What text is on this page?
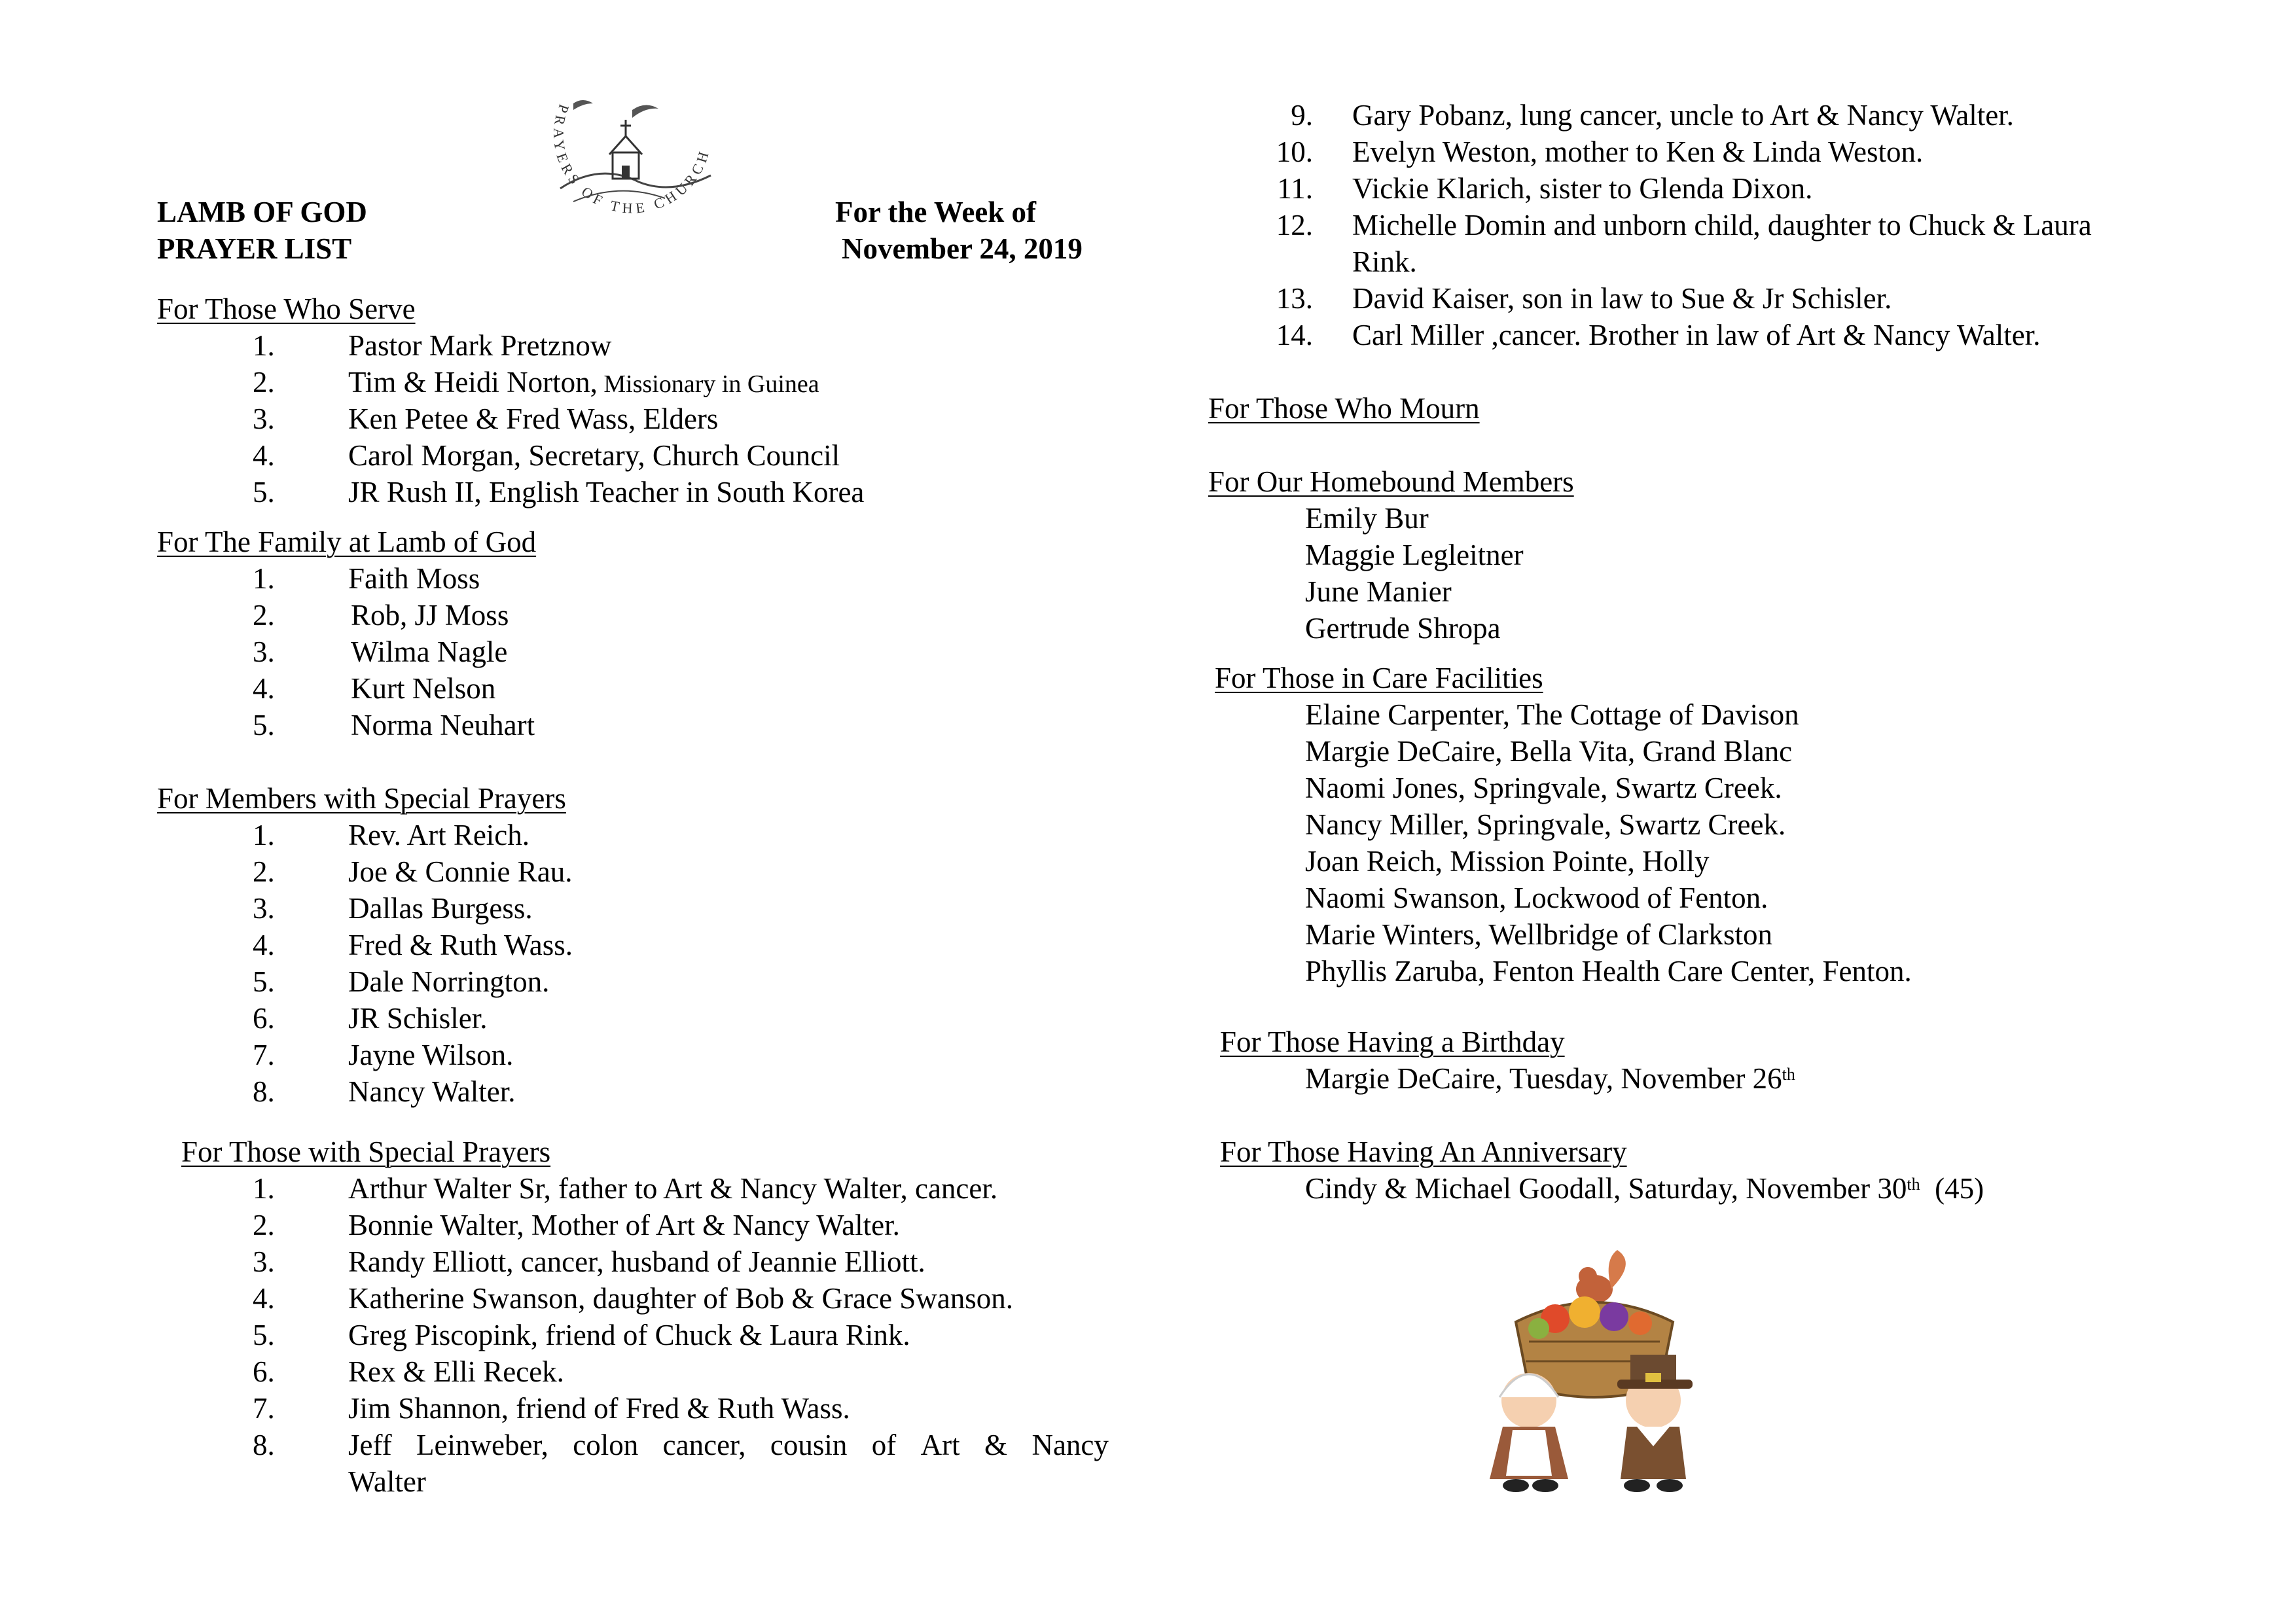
LAMB OF GOD
PRAYER LIST
For the Week of
November 24, 2019
PRAYERS OF THE CHURCH
For Those Who Serve
1. Pastor Mark Pretznow
2. Tim & Heidi Norton, Missionary in Guinea
3. Ken Petee & Fred Wass, Elders
4. Carol Morgan, Secretary, Church Council
5. JR Rush II, English Teacher in South Korea
For The Family at Lamb of God
1. Faith Moss
2.	Rob, JJ Moss
3.	Wilma Nagle
4.	Kurt Nelson
5.	Norma Neuhart
For Members with Special Prayers
1. Rev. Art Reich.
2. Joe & Connie Rau.
3. Dallas Burgess.
4. Fred & Ruth Wass.
5. Dale Norrington.
6. JR Schisler.
7. Jayne Wilson.
8. Nancy Walter.
For Those with Special Prayers
1. Arthur Walter Sr, father to Art & Nancy Walter, cancer.
2. Bonnie Walter, Mother of Art & Nancy Walter.
3. Randy Elliott, cancer, husband of Jeannie Elliott.
4. Katherine Swanson, daughter of Bob & Grace Swanson.
5. Greg Piscopink, friend of Chuck & Laura Rink.
6. Rex & Elli Recek.
7. Jim Shannon, friend of Fred & Ruth Wass.
8. Jeff Leinweber, colon cancer, cousin of Art & Nancy
Walter
9. Gary Pobanz, lung cancer, uncle to Art & Nancy Walter.
10. Evelyn Weston, mother to Ken & Linda Weston.
11. Vickie Klarich, sister to Glenda Dixon.
12. Michelle Domin and unborn child, daughter to Chuck & Laura
Rink.
13. David Kaiser, son in law to Sue & Jr Schisler.
14. Carl Miller ,cancer. Brother in law of Art & Nancy Walter.
For Those Who Mourn
For Our Homebound Members
Emily Bur
Maggie Legleitner
June Manier
Gertrude Shropa
For Those in Care Facilities
Elaine Carpenter, The Cottage of Davison
Margie DeCaire, Bella Vita, Grand Blanc
Naomi Jones, Springvale, Swartz Creek.
Nancy Miller, Springvale, Swartz Creek.
Joan Reich, Mission Pointe, Holly
Naomi Swanson, Lockwood of Fenton.
Marie Winters, Wellbridge of Clarkston
Phyllis Zaruba, Fenton Health Care Center, Fenton.
For Those Having a Birthday
Margie DeCaire, Tuesday, November 26th
For Those Having An Anniversary
Cindy & Michael Goodall, Saturday, November 30th  (45)
